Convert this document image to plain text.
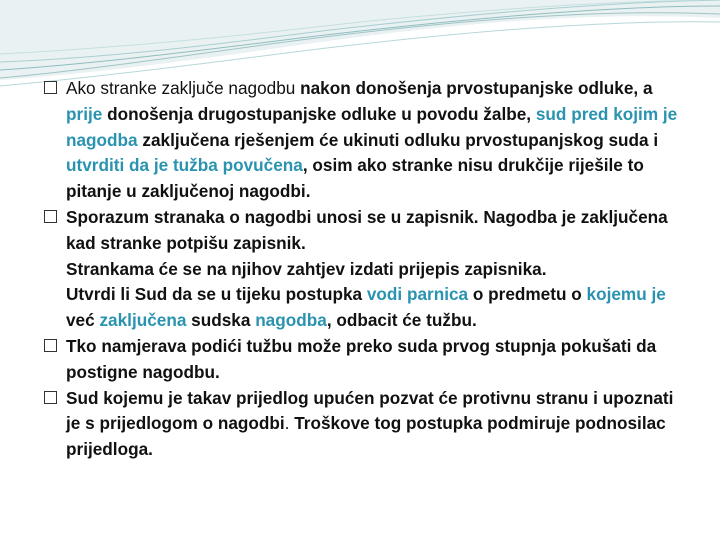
Ako stranke zaključe nagodbu nakon donošenja prvostupanjske odluke, a prije donošenja drugostupanjske odluke u povodu žalbe, sud pred kojim je nagodba zaključena rješenjem će ukinuti odluku prvostupanjskog suda i utvrditi da je tužba povučena, osim ako stranke nisu drukčije riješile to pitanje u zaključenoj nagodbi.

Sporazum stranaka o nagodbi unosi se u zapisnik. Nagodba je zaključena kad stranke potpišu zapisnik.

Strankama će se na njihov zahtjev izdati prijepis zapisnika.

Utvrdi li Sud da se u tijeku postupka vodi parnica o predmetu o kojemu je već zaključena sudska nagodba, odbacit će tužbu.

Tko namjerava podići tužbu može preko suda prvog stupnja pokušati da postigne nagodbu.

Sud kojemu je takav prijedlog upućen pozvat će protivnu stranu i upoznati je s prijedlogom o nagodbi. Troškove tog postupka podmiruje podnosilac prijedloga.
